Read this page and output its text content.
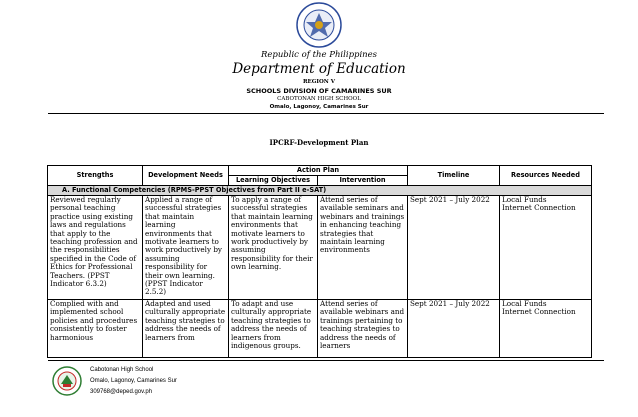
Republic of the Philippines
Department of Education
REGION V
SCHOOLS DIVISION OF CAMARINES SUR
CABOTONAN HIGH SCHOOL
Omalo, Lagonoy, Camarines Sur
IPCRF-Development Plan
Strengths	Development Needs	Action Plan		Timeline	Resources Needed
		Learning Objectives	Intervention		
A. Functional Competencies (RPMS-PPST Objectives from Part II e-SAT)					
Reviewed regularly personal teaching practice using existing laws and regulations that apply to the teaching profession and the responsibilities specified in the Code of Ethics for Professional Teachers. (PPST Indicator 6.3.2)	Applied a range of successful strategies that maintain learning environments that motivate learners to work productively by assuming responsibility for their own learning. (PPST Indicator 2.5.2)	To apply a range of successful strategies that maintain learning environments that motivate learners to work productively by assuming responsibility for their own learning.	Attend series of available seminars and webinars and trainings in enhancing teaching strategies that maintain learning environments	Sept 2021 – July 2022	Local Funds
Internet Connection
Complied with and implemented school policies and procedures consistently to foster harmonious	Adapted and used culturally appropriate teaching strategies to address the needs of learners from	To adapt and use culturally appropriate teaching strategies to address the needs of learners from indigenous groups.	Attend series of available webinars and trainings pertaining to teaching strategies to address the needs of learners	Sept 2021 – July 2022	Local Funds
Internet Connection
Cabotonan High School
Omalo, Lagonoy, Camarines Sur
309768@deped.gov.ph
